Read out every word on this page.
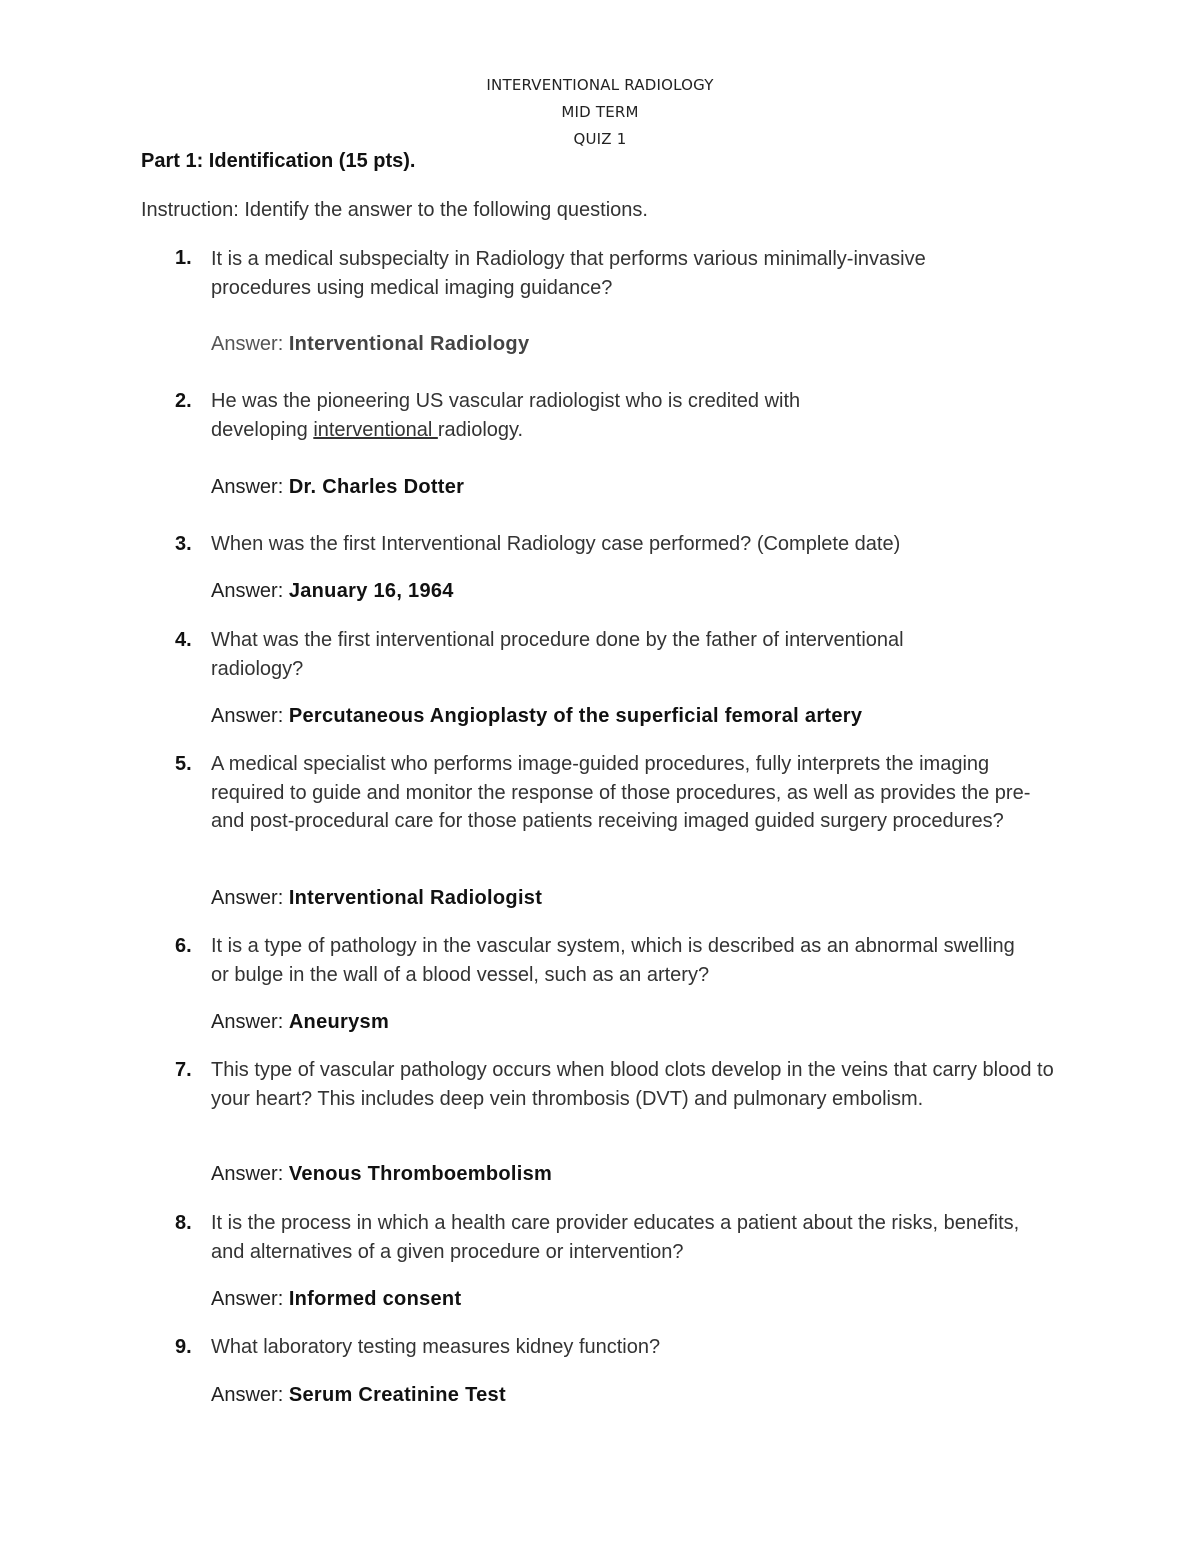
INTERVENTIONAL RADIOLOGY
MID TERM
QUIZ 1
Part 1: Identification (15 pts).
Instruction: Identify the answer to the following questions.
1. It is a medical subspecialty in Radiology that performs various minimally-invasive procedures using medical imaging guidance?
Answer: Interventional Radiology
2. He was the pioneering US vascular radiologist who is credited with developing interventional radiology.
Answer: Dr. Charles Dotter
3. When was the first Interventional Radiology case performed? (Complete date)
Answer: January 16, 1964
4. What was the first interventional procedure done by the father of interventional radiology?
Answer: Percutaneous Angioplasty of the superficial femoral artery
5. A medical specialist who performs image-guided procedures, fully interprets the imaging required to guide and monitor the response of those procedures, as well as provides the pre-and post-procedural care for those patients receiving imaged guided surgery procedures?
Answer: Interventional Radiologist
6. It is a type of pathology in the vascular system, which is described as an abnormal swelling or bulge in the wall of a blood vessel, such as an artery?
Answer: Aneurysm
7. This type of vascular pathology occurs when blood clots develop in the veins that carry blood to your heart? This includes deep vein thrombosis (DVT) and pulmonary embolism.
Answer: Venous Thromboembolism
8. It is the process in which a health care provider educates a patient about the risks, benefits, and alternatives of a given procedure or intervention?
Answer: Informed consent
9. What laboratory testing measures kidney function?
Answer: Serum Creatinine Test
